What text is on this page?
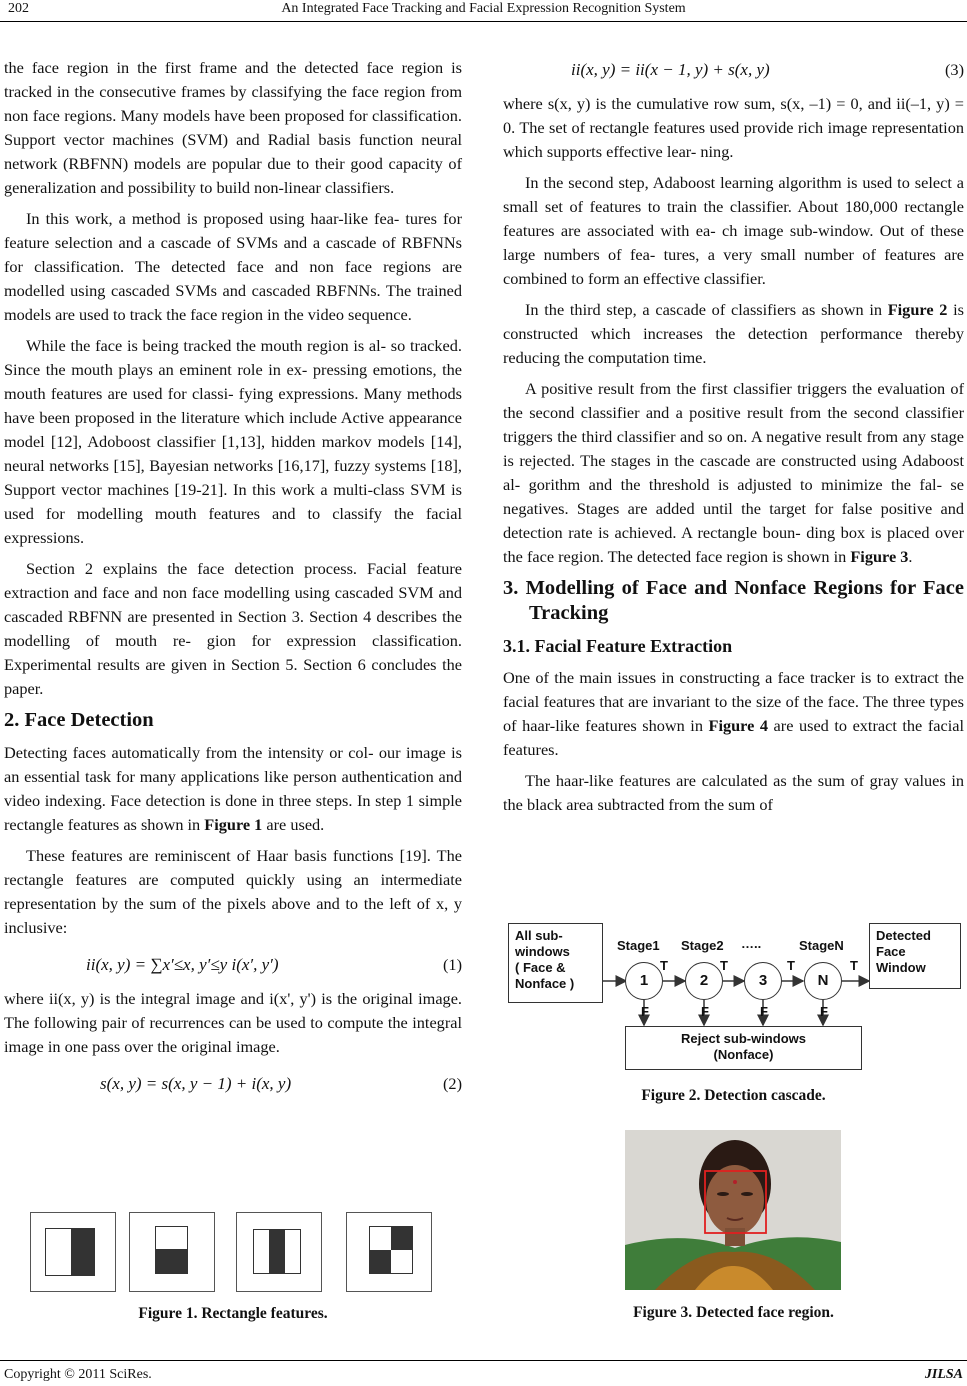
202	An Integrated Face Tracking and Facial Expression Recognition System

the face region in the first frame and the detected face region is tracked in the consecutive frames by classifying the face region from non face regions. Many models have been proposed for classification. Support vector machines (SVM) and Radial basis function neural network (RBFNN) models are popular due to their good capacity of generalization and possibility to build non-linear classifiers.

In this work, a method is proposed using haar-like fea- tures for feature selection and a cascade of SVMs and a cascade of RBFNNs for classification. The detected face and non face regions are modelled using cascaded SVMs and cascaded RBFNNs. The trained models are used to track the face region in the video sequence.

While the face is being tracked the mouth region is al- so tracked. Since the mouth plays an eminent role in ex- pressing emotions, the mouth features are used for classi- fying expressions. Many methods have been proposed in the literature which include Active appearance model [12], Adoboost classifier [1,13], hidden markov models [14], neural networks [15], Bayesian networks [16,17], fuzzy systems [18], Support vector machines [19-21]. In this work a multi-class SVM is used for modelling mouth features and to classify the facial expressions.

Section 2 explains the face detection process. Facial feature extraction and face and non face modelling using cascaded SVM and cascaded RBFNN are presented in Section 3. Section 4 describes the modelling of mouth re- gion for expression classification. Experimental results are given in Section 5. Section 6 concludes the paper.

2. Face Detection

Detecting faces automatically from the intensity or col- our image is an essential task for many applications like person authentication and video indexing. Face detection is done in three steps. In step 1 simple rectangle features as shown in Figure 1 are used.

These features are reminiscent of Haar basis functions [19]. The rectangle features are computed quickly using an intermediate representation by the sum of the pixels above and to the left of x, y inclusive:

ii(x, y) = ∑x′≤x, y′≤y i(x′, y′)	(1)

where ii(x, y) is the integral image and i(x', y') is the original image. The following pair of recurrences can be used to compute the integral image in one pass over the original image.

s(x, y) = s(x, y − 1) + i(x, y)	(2)
Figure 1. Rectangle features.
ii(x, y) = ii(x − 1, y) + s(x, y)	(3)

where s(x, y) is the cumulative row sum, s(x, –1) = 0, and ii(–1, y) = 0. The set of rectangle features used provide rich image representation which supports effective lear- ning.

In the second step, Adaboost learning algorithm is used to select a small set of features to train the classifier. About 180,000 rectangle features are associated with ea- ch image sub-window. Out of these large numbers of fea- tures, a very small number of features are combined to form an effective classifier.

In the third step, a cascade of classifiers as shown in Figure 2 is constructed which increases the detection performance thereby reducing the computation time.

A positive result from the first classifier triggers the evaluation of the second classifier and a positive result from the second classifier triggers the third classifier and so on. A negative result from any stage is rejected. The stages in the cascade are constructed using Adaboost al- gorithm and the threshold is adjusted to minimize the fal- se negatives. Stages are added until the target for false positive and detection rate is achieved. A rectangle boun- ding box is placed over the face region. The detected face region is shown in Figure 3.

3. Modelling of Face and Nonface Regions for Face Tracking
3.1. Facial Feature Extraction

One of the main issues in constructing a face tracker is to extract the facial features that are invariant to the size of the face. The three types of haar-like features shown in Figure 4 are used to extract the facial features.

The haar-like features are calculated as the sum of gray values in the black area subtracted from the sum of

All sub-
windows
( Face &
Nonface )
Stage1 Stage2 …..	StageN
T	T	T	T
1	2	3	N
F	F	F	F
Detected
Face
Window
Reject sub-windows
(Nonface)
Figure 2. Detection cascade.
Figure 3. Detected face region.
Copyright © 2011 SciRes.	JILSA
